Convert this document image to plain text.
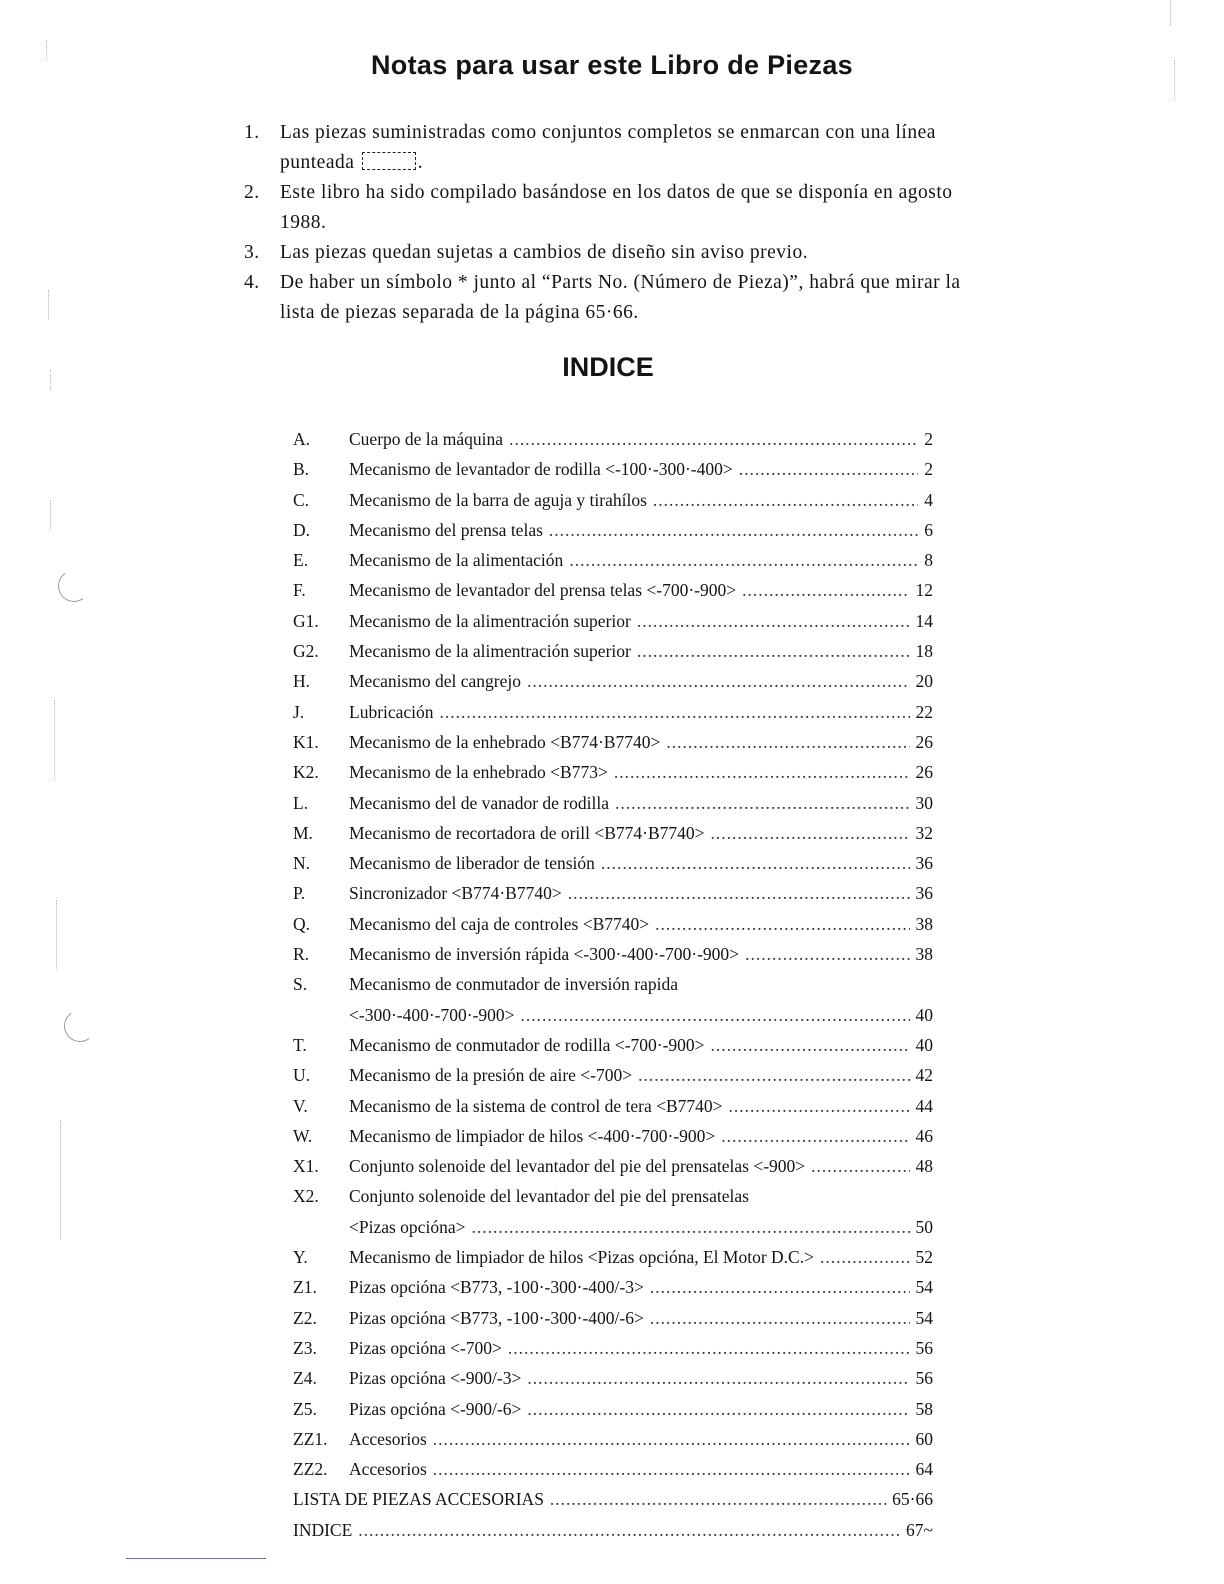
Notas para usar este Libro de Piezas
1. Las piezas suministradas como conjuntos completos se enmarcan con una línea punteada	.
2. Este libro ha sido compilado basándose en los datos de que se disponía en agosto 1988.
3. Las piezas quedan sujetas a cambios de diseño sin aviso previo.
4. De haber un símbolo * junto al “Parts No. (Número de Pieza)”, habrá que mirar la lista de piezas separada de la página 65·66.
INDICE
A.	Cuerpo de la máquina .....	2
B.	Mecanismo de levantador de rodilla <-100·-300·-400> .....	2
C.	Mecanismo de la barra de aguja y tirahílos .....	4
D.	Mecanismo del prensa telas .....	6
E.	Mecanismo de la alimentación .....	8
F.	Mecanismo de levantador del prensa telas <-700·-900> .....	12
G1.	Mecanismo de la alimentración superior .....	14
G2.	Mecanismo de la alimentración superior .....	18
H.	Mecanismo del cangrejo .....	20
J.	Lubricación .....	22
K1.	Mecanismo de la enhebrado <B774·B7740> .....	26
K2.	Mecanismo de la enhebrado <B773> .....	26
L.	Mecanismo del de vanador de rodilla .....	30
M.	Mecanismo de recortadora de orill <B774·B7740> .....	32
N.	Mecanismo de liberador de tensión .....	36
P.	Sincronizador <B774·B7740> .....	36
Q.	Mecanismo del caja de controles <B7740> .....	38
R.	Mecanismo de inversión rápida <-300·-400·-700·-900> .....	38
S.	Mecanismo de conmutador de inversión rapida
<-300·-400·-700·-900> .....	40
T.	Mecanismo de conmutador de rodilla <-700·-900> .....	40
U.	Mecanismo de la presión de aire <-700> .....	42
V.	Mecanismo de la sistema de control de tera <B7740> .....	44
W.	Mecanismo de limpiador de hilos <-400·-700·-900> .....	46
X1.	Conjunto solenoide del levantador del pie del prensatelas <-900> .....	48
X2.	Conjunto solenoide del levantador del pie del prensatelas
<Pizas opcióna> .....	50
Y.	Mecanismo de limpiador de hilos <Pizas opcióna, El Motor D.C.> .....	52
Z1.	Pizas opcióna <B773, -100·-300·-400/-3> .....	54
Z2.	Pizas opcióna <B773, -100·-300·-400/-6> .....	54
Z3.	Pizas opcióna <-700> .....	56
Z4.	Pizas opcióna <-900/-3> .....	56
Z5.	Pizas opcióna <-900/-6> .....	58
ZZ1.	Accesorios .....	60
ZZ2.	Accesorios .....	64
LISTA DE PIEZAS ACCESORIAS .....	65·66
INDICE .....	67~
